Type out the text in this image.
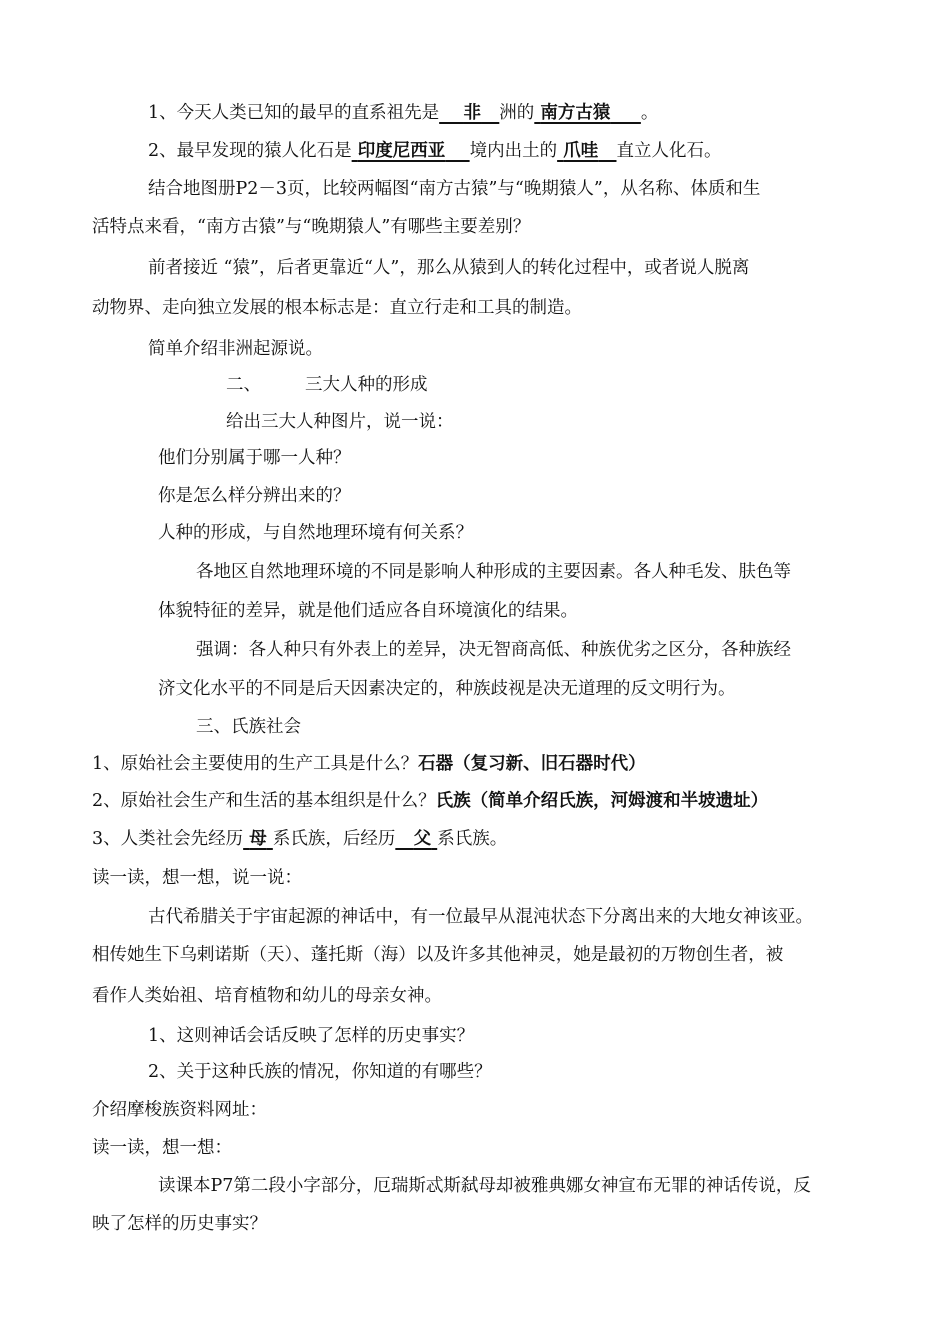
1、今天人类已知的最早的直系祖先是 非 洲的 南方古猿 。
2、最早发现的猿人化石是 印度尼西亚 境内出土的 爪哇 直立人化石。
结合地图册P2－3页，比较两幅图“南方古猿”与“晚期猿人”，从名称、体质和生
活特点来看，“南方古猿”与“晚期猿人”有哪些主要差别？
前者接近 “猿”，后者更靠近“人”，那么从猿到人的转化过程中，或者说人脱离
动物界、走向独立发展的根本标志是：直立行走和工具的制造。
简单介绍非洲起源说。
二、	三大人种的形成
给出三大人种图片，说一说：
他们分别属于哪一人种？
你是怎么样分辨出来的？
人种的形成，与自然地理环境有何关系？
各地区自然地理环境的不同是影响人种形成的主要因素。各人种毛发、肤色等
体貌特征的差异，就是他们适应各自环境演化的结果。
强调：各人种只有外表上的差异，决无智商高低、种族优劣之区分，各种族经
济文化水平的不同是后天因素决定的，种族歧视是决无道理的反文明行为。
三、氏族社会
1、原始社会主要使用的生产工具是什么？石器（复习新、旧石器时代）
2、原始社会生产和生活的基本组织是什么？氏族（简单介绍氏族，河姆渡和半坡遗址）
3、人类社会先经历 母 系氏族，后经历 父 系氏族。
读一读，想一想，说一说：
古代希腊关于宇宙起源的神话中，有一位最早从混沌状态下分离出来的大地女神该亚。
相传她生下乌剌诺斯（天）、蓬托斯（海）以及许多其他神灵，她是最初的万物创生者，被
看作人类始祖、培育植物和幼儿的母亲女神。
1、这则神话会话反映了怎样的历史事实？
2、关于这种氏族的情况，你知道的有哪些？
介绍摩梭族资料网址：
读一读，想一想：
读课本P7第二段小字部分，厄瑞斯忒斯弑母却被雅典娜女神宣布无罪的神话传说，反
映了怎样的历史事实？
